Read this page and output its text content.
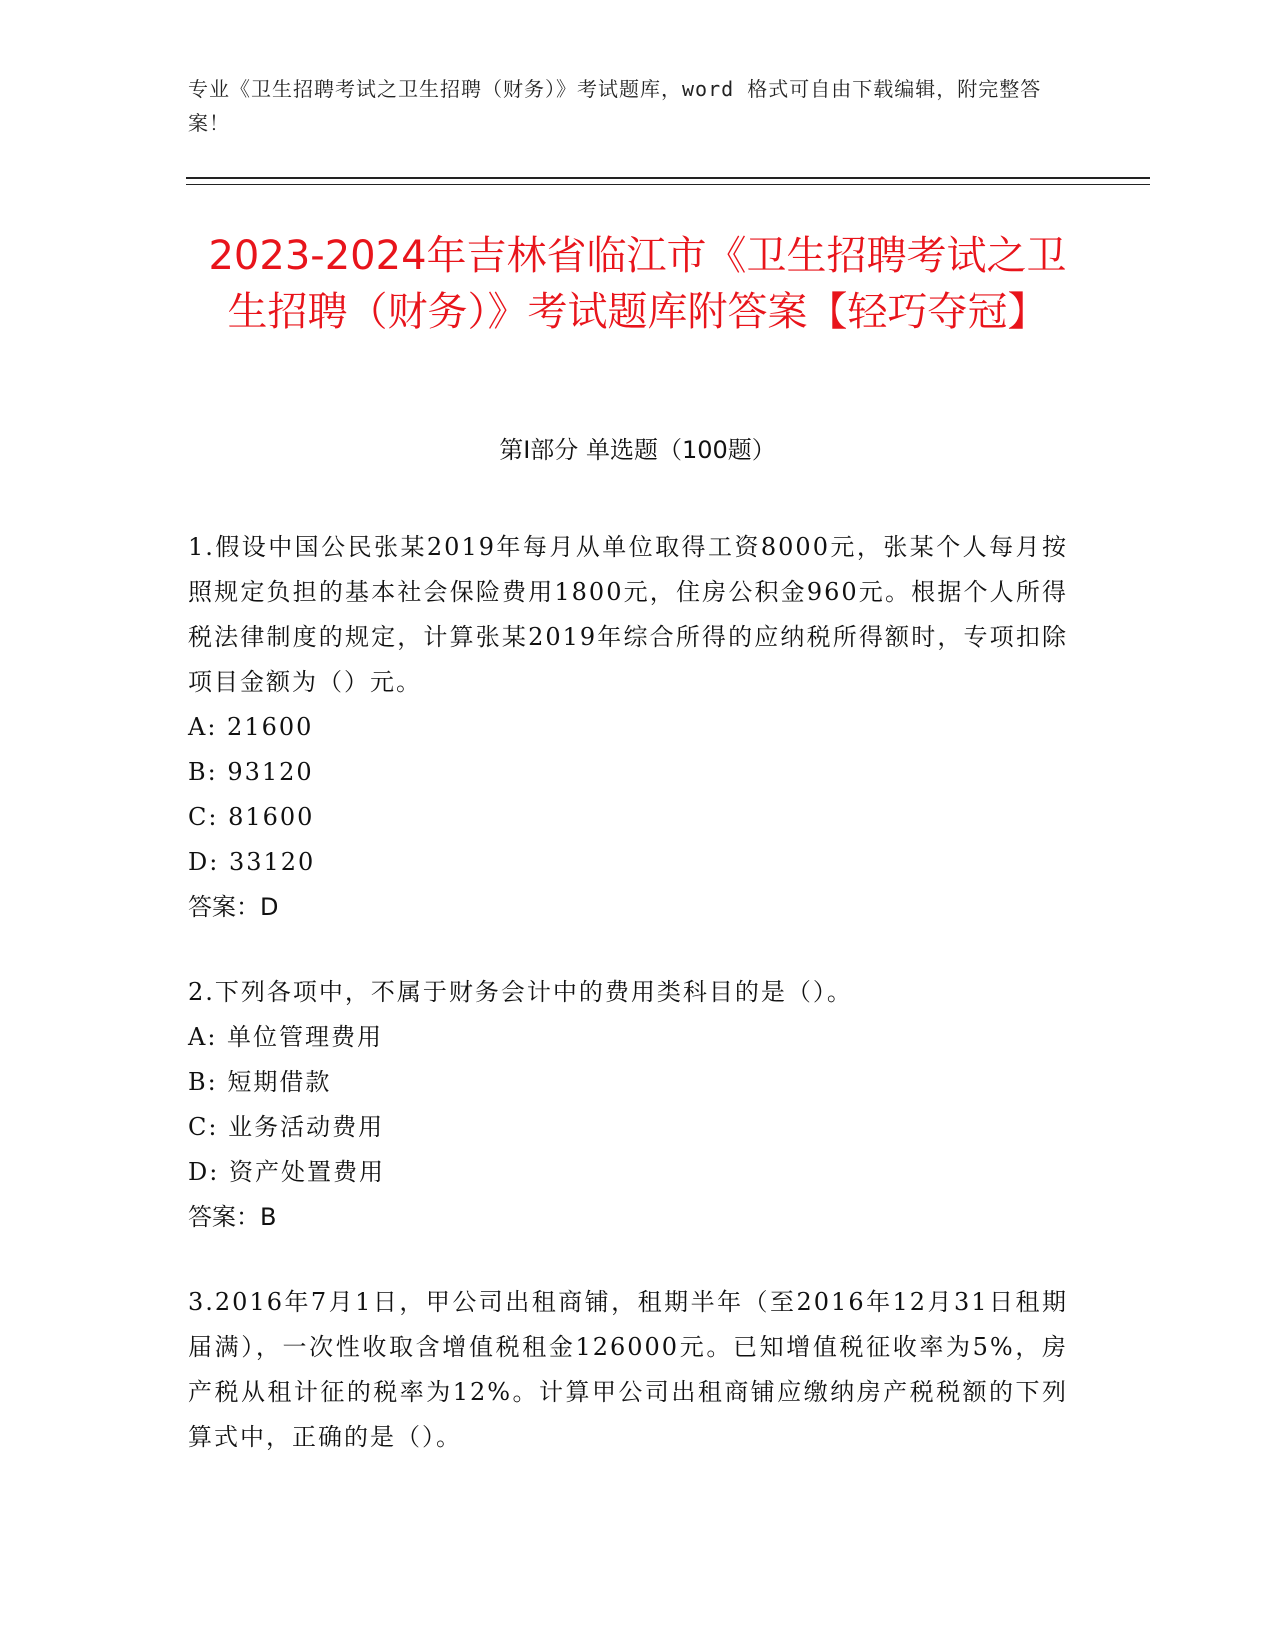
专业《卫生招聘考试之卫生招聘（财务）》考试题库，word 格式可自由下载编辑，附完整答案！
2023-2024年吉林省临江市《卫生招聘考试之卫生招聘（财务）》考试题库附答案【轻巧夺冠】
第Ⅰ部分 单选题（100题）

1.假设中国公民张某2019年每月从单位取得工资8000元，张某个人每月按照规定负担的基本社会保险费用1800元，住房公积金960元。根据个人所得税法律制度的规定，计算张某2019年综合所得的应纳税所得额时，专项扣除项目金额为（）元。

A: 21600

B: 93120

C: 81600

D: 33120

答案：D

2.下列各项中，不属于财务会计中的费用类科目的是（）。

A: 单位管理费用

B: 短期借款

C: 业务活动费用

D: 资产处置费用

答案：B

3.2016年7月1日，甲公司出租商铺，租期半年（至2016年12月31日租期届满），一次性收取含增值税租金126000元。已知增值税征收率为5%，房产税从租计征的税率为12%。计算甲公司出租商铺应缴纳房产税税额的下列算式中，正确的是（）。
